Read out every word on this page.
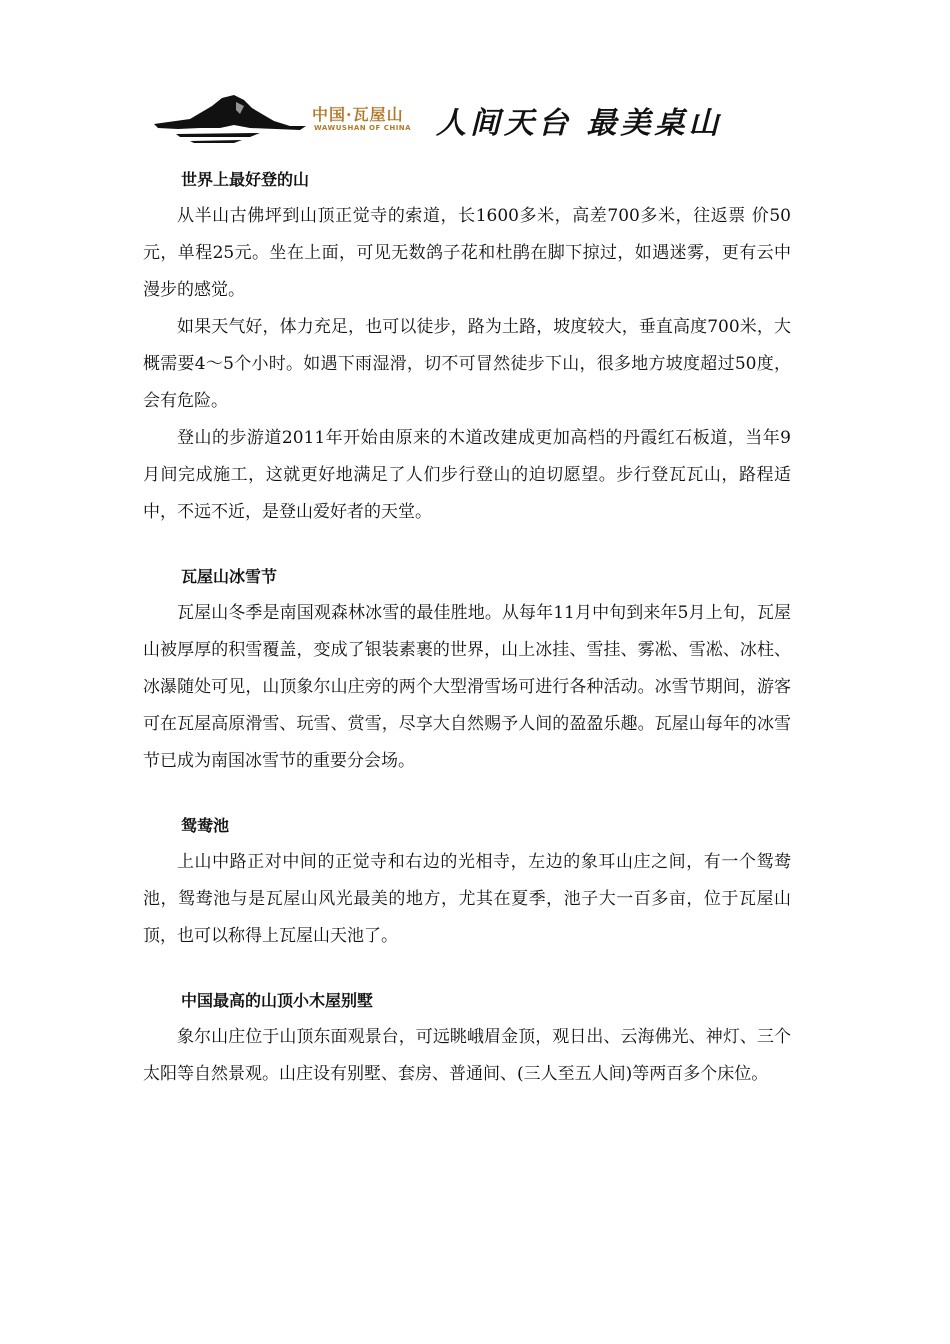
中国·瓦屋山
WAWUSHAN OF CHINA 人间天台 最美桌山
世界上最好登的山

从半山古佛坪到山顶正觉寺的索道，长1600多米，高差700多米，往返票 价50元，单程25元。坐在上面，可见无数鸽子花和杜鹃在脚下掠过，如遇迷雾，更有云中漫步的感觉。

如果天气好，体力充足，也可以徒步，路为土路，坡度较大，垂直高度700米，大概需要4～5个小时。如遇下雨湿滑，切不可冒然徒步下山，很多地方坡度超过50度，会有危险。

登山的步游道2011年开始由原来的木道改建成更加高档的丹霞红石板道，当年9月间完成施工，这就更好地满足了人们步行登山的迫切愿望。步行登瓦瓦山，路程适中，不远不近，是登山爱好者的天堂。

瓦屋山冰雪节

瓦屋山冬季是南国观森林冰雪的最佳胜地。从每年11月中旬到来年5月上旬，瓦屋山被厚厚的积雪覆盖，变成了银装素裹的世界，山上冰挂、雪挂、雾凇、雪凇、冰柱、冰瀑随处可见，山顶象尔山庄旁的两个大型滑雪场可进行各种活动。冰雪节期间，游客可在瓦屋高原滑雪、玩雪、赏雪，尽享大自然赐予人间的盈盈乐趣。瓦屋山每年的冰雪节已成为南国冰雪节的重要分会场。

鸳鸯池

上山中路正对中间的正觉寺和右边的光相寺，左边的象耳山庄之间，有一个鸳鸯池，鸳鸯池与是瓦屋山风光最美的地方，尤其在夏季，池子大一百多亩，位于瓦屋山顶，也可以称得上瓦屋山天池了。

中国最高的山顶小木屋别墅

象尔山庄位于山顶东面观景台，可远眺峨眉金顶，观日出、云海佛光、神灯、三个太阳等自然景观。山庄设有别墅、套房、普通间、(三人至五人间)等两百多个床位。
